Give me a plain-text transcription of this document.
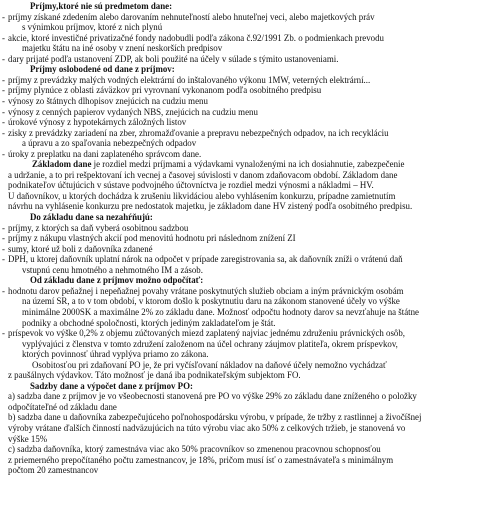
Príjmy,ktoré nie sú predmetom dane:
- príjmy získané zdedením alebo darovaním nehnuteľností alebo hnuteľnej veci, alebo majetkových práv
s výnimkou príjmov, ktoré z nich plynú
- akcie, ktoré investičné privatizačné fondy nadobudli podľa zákona č.92/1991 Zb. o podmienkach prevodu
majetku štátu na iné osoby v znení neskorších predpisov
- dary prijaté podľa ustanovení ZDP, ak boli použité na účely v súlade s týmito ustanoveniami.
Príjmy oslobodené od dane z príjmov:
- príjmy z prevádzky malých vodných elektrární do inštalovaného výkonu 1MW, veterných elektrární...
- príjmy plynúce z oblasti záväzkov pri vyrovnaní vykonanom podľa osobitného predpisu
- výnosy zo štátnych dlhopisov znejúcich na cudziu menu
- výnosy z cenných papierov vydaných NBS, znejúcich na cudziu menu
- úrokové výnosy z hypotekárnych záložných listov
- zisky z prevádzky zariadení na zber, zhromažďovanie a prepravu nebezpečných odpadov, na ich recykláciu
a úpravu a zo spaľovania nebezpečných odpadov
- úroky z preplatku na dani zaplateného správcom dane.
Základom dane je rozdiel medzi príjmami a výdavkami vynaloženými na ich dosiahnutie, zabezpečenie
a udržanie, a to pri rešpektovaní ich vecnej a časovej súvislosti v danom zdaňovacom období. Základom dane
podnikateľov účtujúcich v sústave podvojného účtovníctva je rozdiel medzi výnosmi a nákladmi – HV.
U daňovníkov, u ktorých dochádza k zrušeniu likvidáciou alebo vyhlásením konkurzu, prípadne zamietnutím
návrhu na vyhlásenie konkurzu pre nedostatok majetku, je základom dane HV zistený podľa osobitného predpisu.
Do základu dane sa nezahŕňujú:
- príjmy, z ktorých sa daň vyberá osobitnou sadzbou
- príjmy z nákupu vlastných akcií pod menovitú hodnotu pri následnom znížení ZI
- sumy, ktoré už boli z daňovníka zdanené
- DPH, u ktorej daňovník uplatní nárok na odpočet v prípade zaregistrovania sa, ak daňovník zníži o vrátenú daň
vstupnú cenu hmotného a nehmotného IM a zásob.
Od základu dane z príjmov možno odpočítať:
- hodnotu darov peňažnej i nepeňažnej povahy vrátane poskytnutých služieb obciam a iným právnickým osobám
na území SR, a to v tom období, v ktorom došlo k poskytnutiu daru na zákonom stanovené účely vo výške
minimálne 2000SK a maximálne 2% zo základu dane. Možnosť odpočtu hodnoty darov sa nevzťahuje na štátne
podniky a obchodné spoločnosti, ktorých jediným zakladateľom je štát.
- príspevok vo výške 0,2% z objemu zúčtovaných miezd zaplatený najviac jednému združeniu právnických osôb,
vyplývajúci z členstva v tomto združení založenom na účel ochrany záujmov platiteľa, okrem príspevkov,
ktorých povinnosť úhrad vyplýva priamo zo zákona.
Osobitosťou pri zdaňovaní PO je, že pri vyčísľovaní nákladov na daňové účely nemožno vychádzať
z paušálnych výdavkov. Táto možnosť je daná iba podnikateľským subjektom FO.
Sadzby dane a výpočet dane z príjmov PO:
a) sadzba dane z príjmov je vo všeobecnosti stanovená pre PO vo výške 29% zo základu dane zníženého o položky
odpočítateľné od základu dane
b) sadzba dane u daňovníka zabezpečujúceho poľnohospodársku výrobu, v prípade, že tržby z rastlinnej a živočíšnej
výroby vrátane ďalších činností nadväzujúcich na túto výrobu viac ako 50% z celkových tržieb, je stanovená vo
výške 15%
c) sadzba daňovníka, ktorý zamestnáva viac ako 50% pracovníkov so zmenenou pracovnou schopnosťou
z priemerného prepočítaného počtu zamestnancov, je 18%, pričom musí ísť o zamestnávateľa s minimálnym
počtom 20 zamestnancov
